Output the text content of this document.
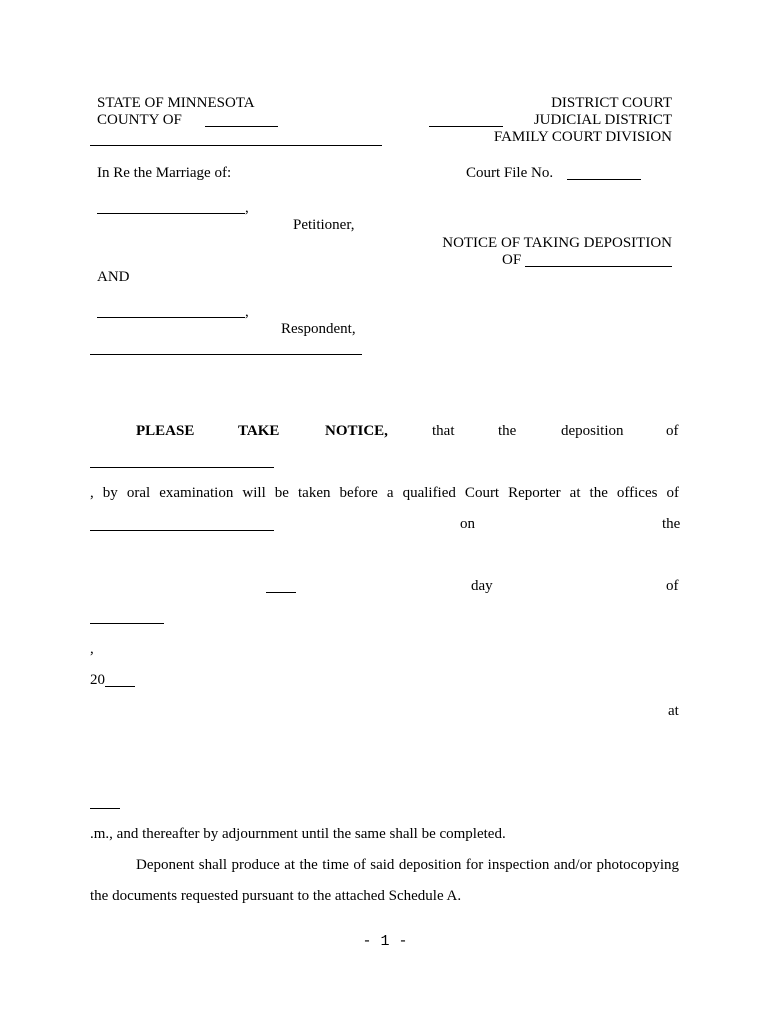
STATE OF MINNESOTA
COUNTY OF
DISTRICT COURT
JUDICIAL DISTRICT
FAMILY COURT DIVISION
In Re the Marriage of:	Court File No.
,
Petitioner,
NOTICE OF TAKING DEPOSITION
OF
AND
,
Respondent,
PLEASE	TAKE	NOTICE,	that	the	deposition	of
, by oral examination will be taken before a qualified Court Reporter at the offices of
on	the
day	of
,
20
at
.m., and thereafter by adjournment until the same shall be completed.
Deponent shall produce at the time of said deposition for inspection and/or photocopying
the documents requested pursuant to the attached Schedule A.
- 1 -
